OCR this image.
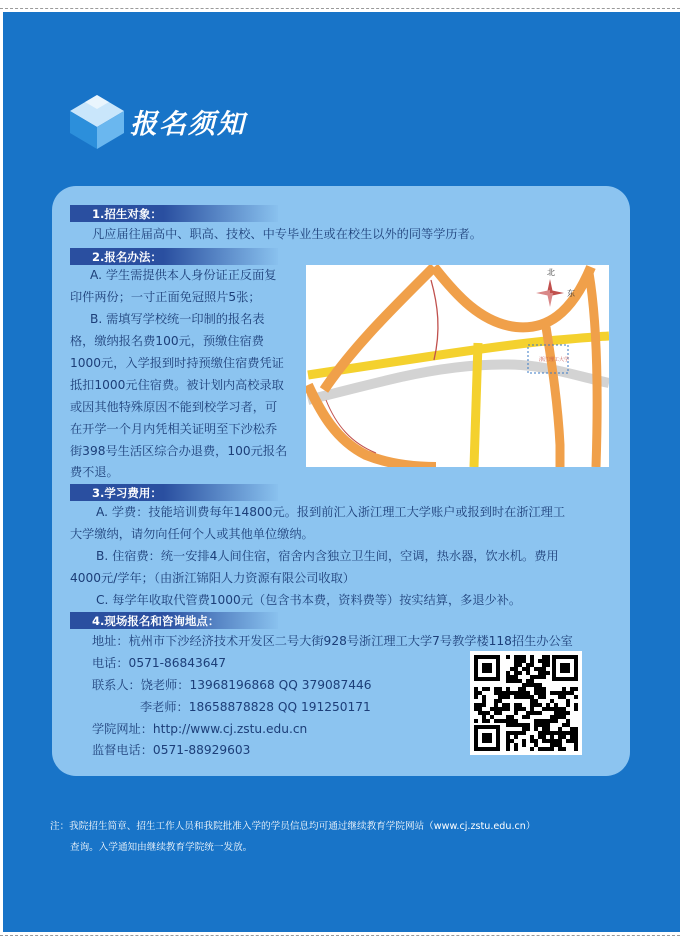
报名须知
1.招生对象：
凡应届往届高中、职高、技校、中专毕业生或在校生以外的同等学历者。
2.报名办法：
A. 学生需提供本人身份证正反面复
印件两份；一寸正面免冠照片5张；
B. 需填写学校统一印制的报名表
格，缴纳报名费100元，预缴住宿费
1000元，入学报到时持预缴住宿费凭证
抵扣1000元住宿费。被计划内高校录取
或因其他特殊原因不能到校学习者，可
在开学一个月内凭相关证明至下沙松乔
街398号生活区综合办退费，100元报名
费不退。
北
东
浙江理工大学
3.学习费用：
A. 学费：技能培训费每年14800元。报到前汇入浙江理工大学账户或报到时在浙江理工
大学缴纳，请勿向任何个人或其他单位缴纳。
B. 住宿费：统一安排4人间住宿，宿舍内含独立卫生间，空调，热水器，饮水机。费用
4000元/学年；（由浙江锦阳人力资源有限公司收取）
C. 每学年收取代管费1000元（包含书本费，资料费等）按实结算，多退少补。
4.现场报名和咨询地点：
地址：杭州市下沙经济技术开发区二号大街928号浙江理工大学7号教学楼118招生办公室
电话：0571-86843647
联系人：饶老师：13968196868 QQ 379087446
李老师：18658878828 QQ 191250171
学院网址：http://www.cj.zstu.edu.cn
监督电话：0571-88929603
注：我院招生简章、招生工作人员和我院批准入学的学员信息均可通过继续教育学院网站（www.cj.zstu.edu.cn）
查询。入学通知由继续教育学院统一发放。
